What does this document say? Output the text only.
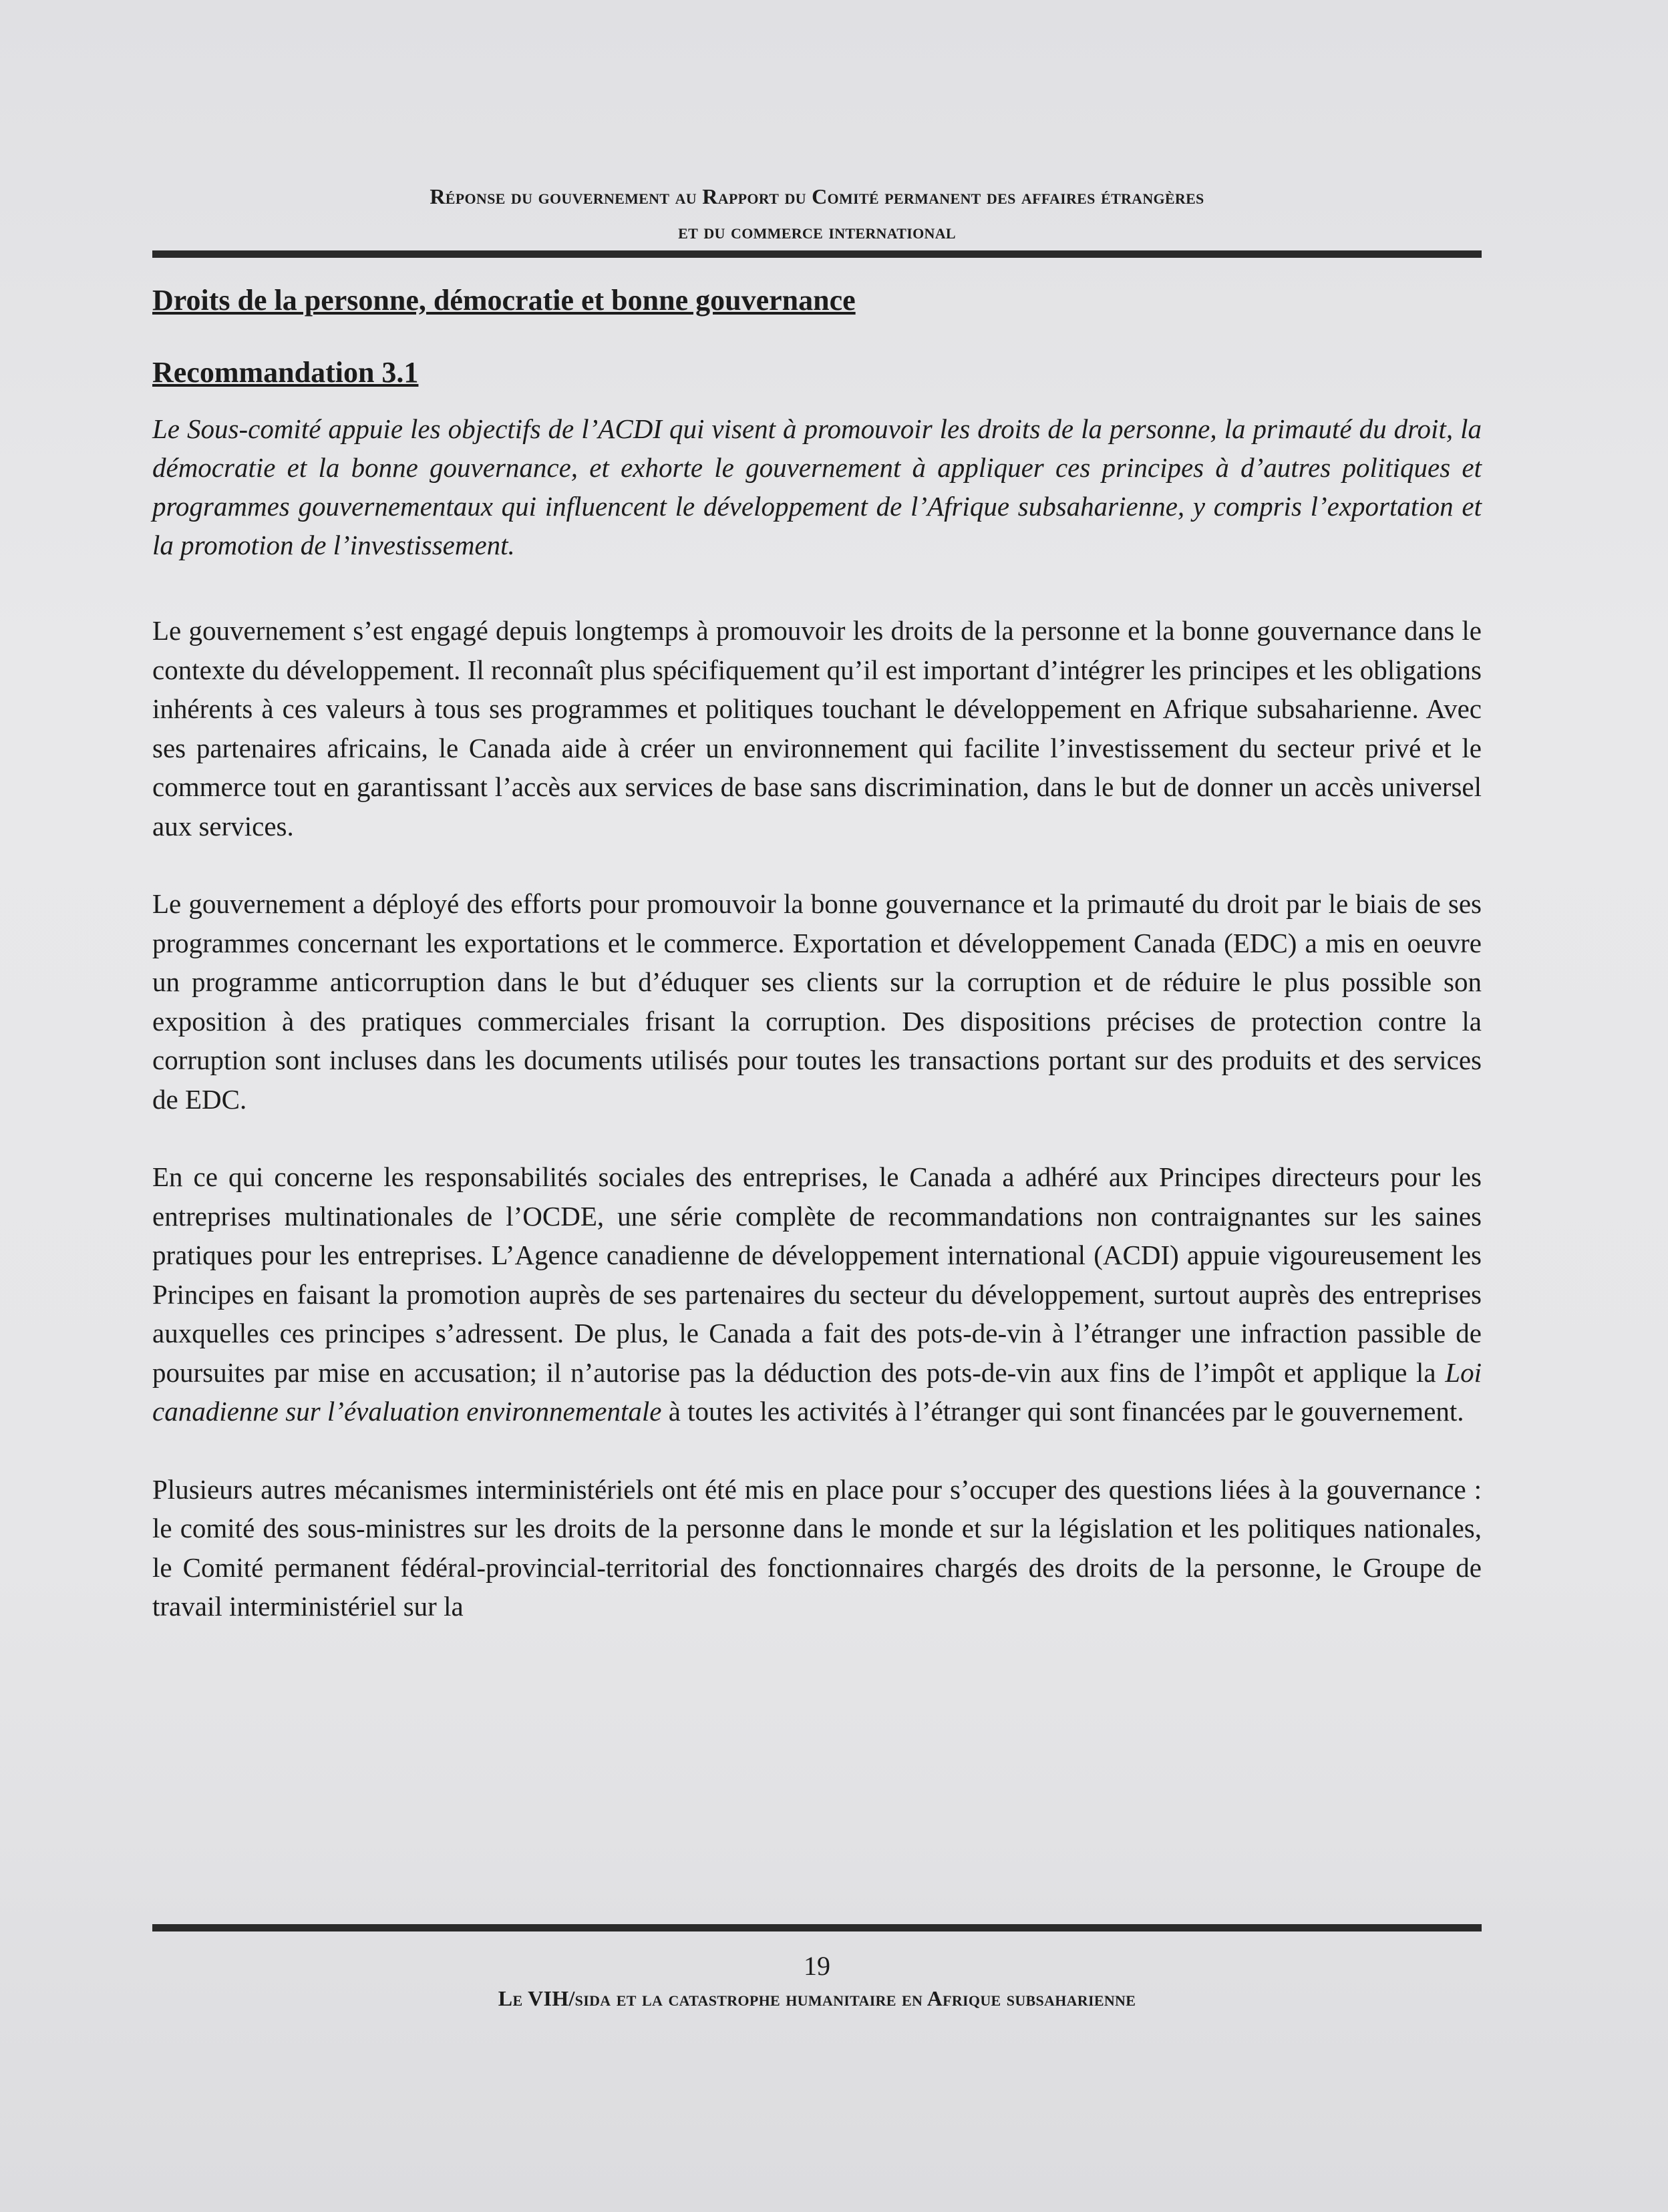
Réponse du gouvernement au Rapport du Comité permanent des affaires étrangères
et du commerce international
Droits de la personne, démocratie et bonne gouvernance
Recommandation 3.1

Le Sous-comité appuie les objectifs de l’ACDI qui visent à promouvoir les droits de la personne, la primauté du droit, la démocratie et la bonne gouvernance, et exhorte le gouvernement à appliquer ces principes à d’autres politiques et programmes gouvernementaux qui influencent le développement de l’Afrique subsaharienne, y compris l’exportation et la promotion de l’investissement.

Le gouvernement s’est engagé depuis longtemps à promouvoir les droits de la personne et la bonne gouvernance dans le contexte du développement. Il reconnaît plus spécifiquement qu’il est important d’intégrer les principes et les obligations inhérents à ces valeurs à tous ses programmes et politiques touchant le développement en Afrique subsaharienne. Avec ses partenaires africains, le Canada aide à créer un environnement qui facilite l’investissement du secteur privé et le commerce tout en garantissant l’accès aux services de base sans discrimination, dans le but de donner un accès universel aux services.

Le gouvernement a déployé des efforts pour promouvoir la bonne gouvernance et la primauté du droit par le biais de ses programmes concernant les exportations et le commerce. Exportation et développement Canada (EDC) a mis en oeuvre un programme anticorruption dans le but d’éduquer ses clients sur la corruption et de réduire le plus possible son exposition à des pratiques commerciales frisant la corruption. Des dispositions précises de protection contre la corruption sont incluses dans les documents utilisés pour toutes les transactions portant sur des produits et des services de EDC.

En ce qui concerne les responsabilités sociales des entreprises, le Canada a adhéré aux Principes directeurs pour les entreprises multinationales de l’OCDE, une série complète de recommandations non contraignantes sur les saines pratiques pour les entreprises. L’Agence canadienne de développement international (ACDI) appuie vigoureusement les Principes en faisant la promotion auprès de ses partenaires du secteur du développement, surtout auprès des entreprises auxquelles ces principes s’adressent. De plus, le Canada a fait des pots-de-vin à l’étranger une infraction passible de poursuites par mise en accusation; il n’autorise pas la déduction des pots-de-vin aux fins de l’impôt et applique la Loi canadienne sur l’évaluation environnementale à toutes les activités à l’étranger qui sont financées par le gouvernement.

Plusieurs autres mécanismes interministériels ont été mis en place pour s’occuper des questions liées à la gouvernance : le comité des sous-ministres sur les droits de la personne dans le monde et sur la législation et les politiques nationales, le Comité permanent fédéral-provincial-territorial des fonctionnaires chargés des droits de la personne, le Groupe de travail interministériel sur la

19
Le VIH/sida et la catastrophe humanitaire en Afrique subsaharienne
